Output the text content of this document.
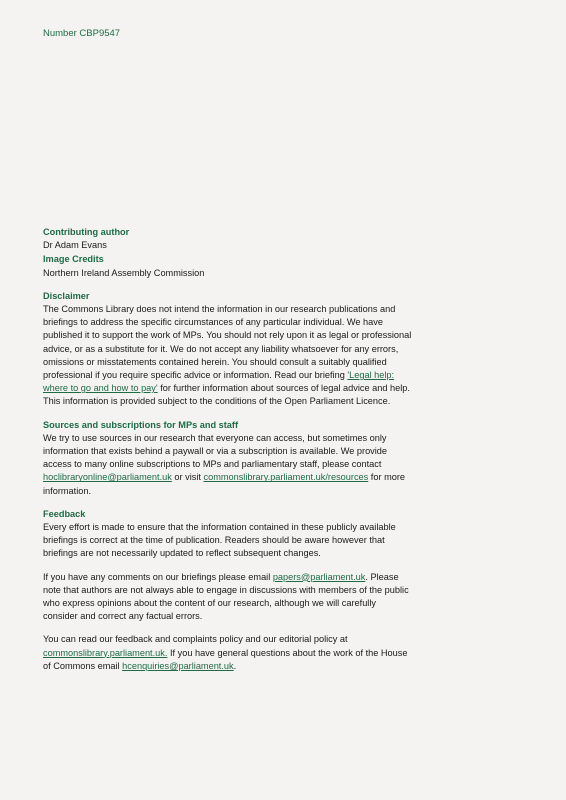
Number CBP9547

Contributing author

Dr Adam Evans

Image Credits

Northern Ireland Assembly Commission

Disclaimer

The Commons Library does not intend the information in our research publications and briefings to address the specific circumstances of any particular individual. We have published it to support the work of MPs. You should not rely upon it as legal or professional advice, or as a substitute for it. We do not accept any liability whatsoever for any errors, omissions or misstatements contained herein. You should consult a suitably qualified professional if you require specific advice or information. Read our briefing 'Legal help: where to go and how to pay' for further information about sources of legal advice and help. This information is provided subject to the conditions of the Open Parliament Licence.

Sources and subscriptions for MPs and staff

We try to use sources in our research that everyone can access, but sometimes only information that exists behind a paywall or via a subscription is available. We provide access to many online subscriptions to MPs and parliamentary staff, please contact hoclibraryonline@parliament.uk or visit commonslibrary.parliament.uk/resources for more information.

Feedback

Every effort is made to ensure that the information contained in these publicly available briefings is correct at the time of publication. Readers should be aware however that briefings are not necessarily updated to reflect subsequent changes.

If you have any comments on our briefings please email papers@parliament.uk. Please note that authors are not always able to engage in discussions with members of the public who express opinions about the content of our research, although we will carefully consider and correct any factual errors.

You can read our feedback and complaints policy and our editorial policy at commonslibrary.parliament.uk. If you have general questions about the work of the House of Commons email hcenquiries@parliament.uk.
